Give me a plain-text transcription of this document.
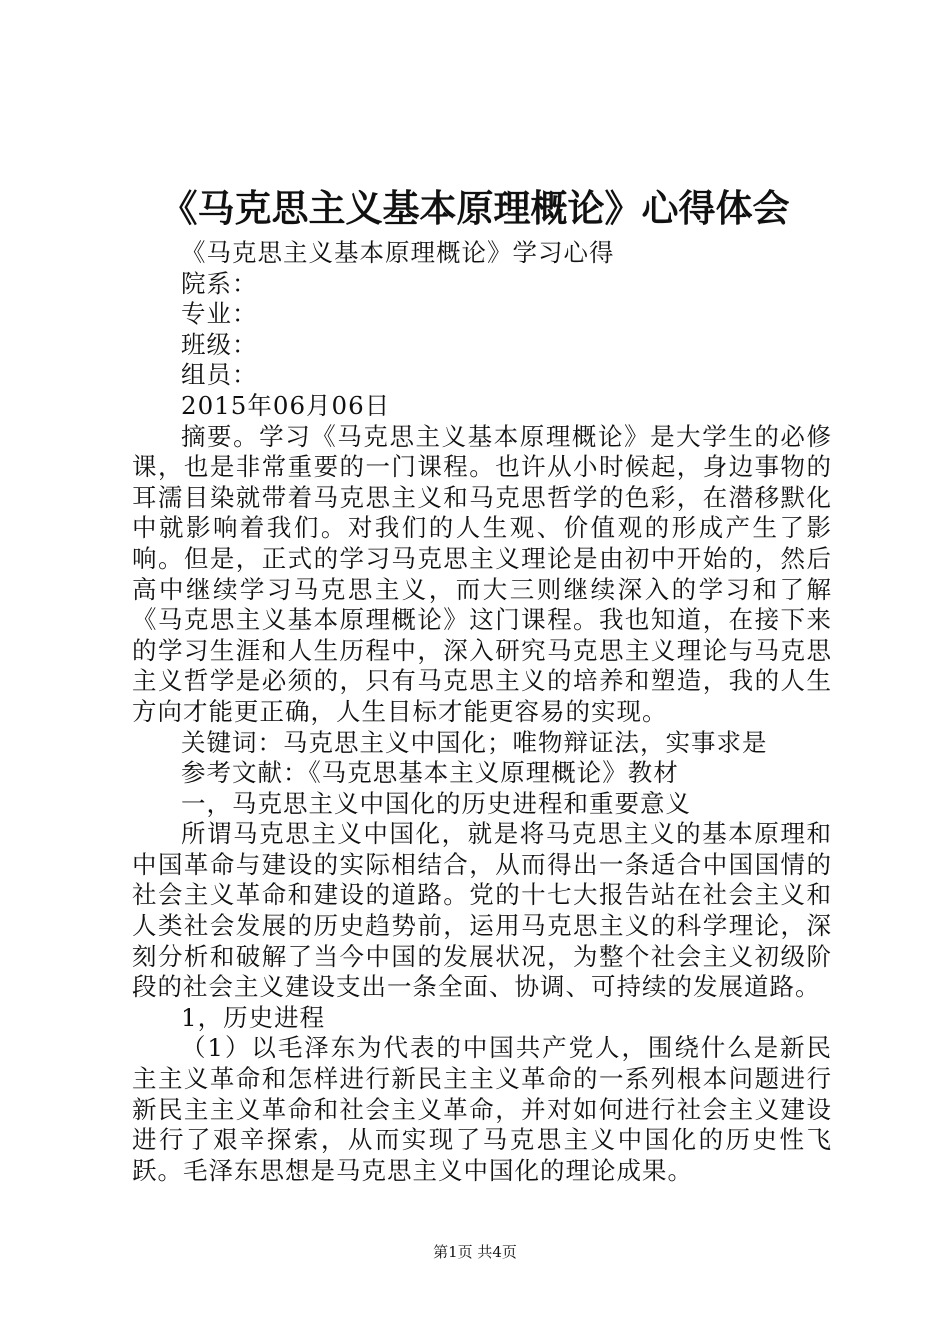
《马克思主义基本原理概论》心得体会

《马克思主义基本原理概论》学习心得

院系：

专业：

班级：

组员：

2015年06月06日

摘要。学习《马克思主义基本原理概论》是大学生的必修课，也是非常重要的一门课程。也许从小时候起，身边事物的耳濡目染就带着马克思主义和马克思哲学的色彩，在潜移默化中就影响着我们。对我们的人生观、价值观的形成产生了影响。但是，正式的学习马克思主义理论是由初中开始的，然后高中继续学习马克思主义，而大三则继续深入的学习和了解《马克思主义基本原理概论》这门课程。我也知道，在接下来的学习生涯和人生历程中，深入研究马克思主义理论与马克思主义哲学是必须的，只有马克思主义的培养和塑造，我的人生方向才能更正确，人生目标才能更容易的实现。

关键词：马克思主义中国化；唯物辩证法，实事求是

参考文献：《马克思基本主义原理概论》教材

一，马克思主义中国化的历史进程和重要意义

所谓马克思主义中国化，就是将马克思主义的基本原理和中国革命与建设的实际相结合，从而得出一条适合中国国情的社会主义革命和建设的道路。党的十七大报告站在社会主义和人类社会发展的历史趋势前，运用马克思主义的科学理论，深刻分析和破解了当今中国的发展状况，为整个社会主义初级阶段的社会主义建设支出一条全面、协调、可持续的发展道路。

1，历史进程

（1）以毛泽东为代表的中国共产党人，围绕什么是新民主主义革命和怎样进行新民主主义革命的一系列根本问题进行新民主主义革命和社会主义革命，并对如何进行社会主义建设进行了艰辛探索，从而实现了马克思主义中国化的历史性飞跃。毛泽东思想是马克思主义中国化的理论成果。

第1页 共4页
